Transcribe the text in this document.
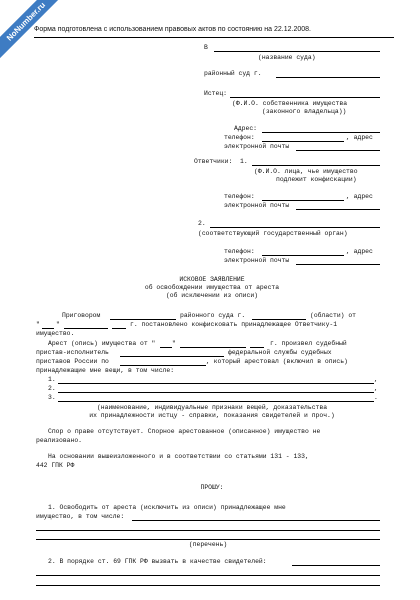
NoNumber.ru
Форма подготовлена с использованием правовых актов по состоянию на 22.12.2008.
В
(название суда)
районный суд г.
Истец:
(Ф.И.О. собственника имущества
(законного владельца))
Адрес:
телефон:	, адрес
электронной почты
Ответчики: 1.
(Ф.И.О. лица, чье имущество
подлежит конфискации)
телефон:	, адрес
электронной почты
2.
(соответствующий государственный орган)
телефон:	, адрес
электронной почты
ИСКОВОЕ ЗАЯВЛЕНИЕ
об освобождении имущества от ареста
(об исключении из описи)
Приговором	районного суда г.	(области) от
"	"	г. постановлено конфисковать принадлежащее Ответчику-1
имущество.
Арест (опись) имущества от "	"	г. произвел судебный
пристав-исполнитель	федеральной службы судебных
приставов России по	, который арестовал (включил в опись)
принадлежащие мне вещи, в том числе:
1.	,
2.	,
3.	.
(наименование, индивидуальные признаки вещей, доказательства
их принадлежности истцу - справки, показания свидетелей и проч.)
Спор о праве отсутствует. Спорное арестованное (описанное) имущество не
реализовано.
На основании вышеизложенного и в соответствии со статьями 131 - 133,
442 ГПК РФ
ПРОШУ:
1. Освободить от ареста (исключить из описи) принадлежащее мне
имущество, в том числе:
(перечень)
2. В порядке ст. 69 ГПК РФ вызвать в качестве свидетелей:
